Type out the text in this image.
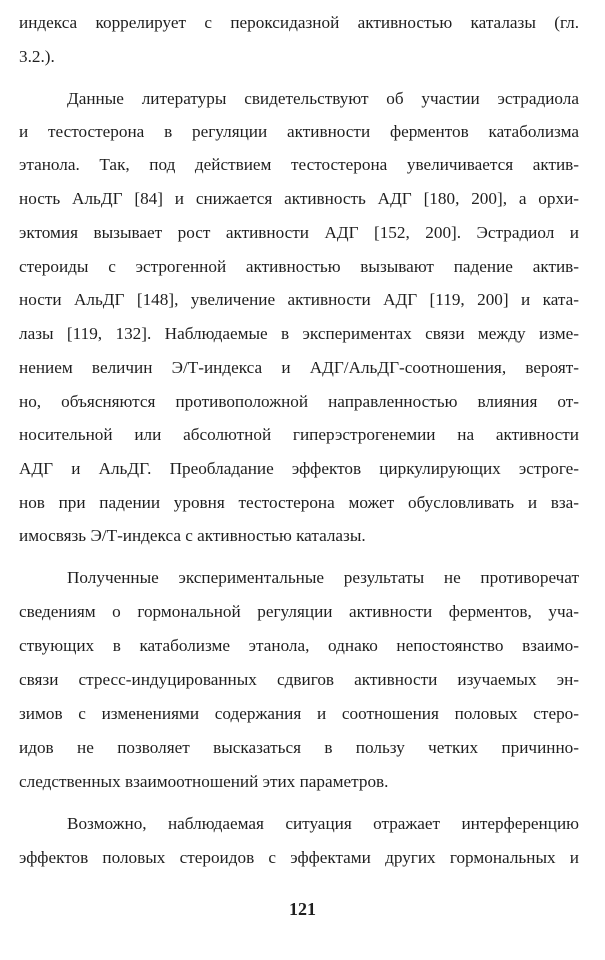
индекса коррелирует с пероксидазной активностью каталазы (гл.
3.2.).
Данные литературы свидетельствуют об участии эстрадиола
и тестостерона в регуляции активности ферментов катаболизма
этанола. Так, под действием тестостерона увеличивается актив-
ность АльДГ [84] и снижается активность АДГ [180, 200], а орхи-
эктомия вызывает рост активности АДГ [152, 200]. Эстрадиол и
стероиды с эстрогенной активностью вызывают падение актив-
ности АльДГ [148], увеличение активности АДГ [119, 200] и ката-
лазы [119, 132]. Наблюдаемые в экспериментах связи между изме-
нением величин Э/Т-индекса и АДГ/АльДГ-соотношения, вероят-
но, объясняются противоположной направленностью влияния от-
носительной или абсолютной гиперэстрогенемии на активности
АДГ и АльДГ. Преобладание эффектов циркулирующих эстроге-
нов при падении уровня тестостерона может обусловливать и вза-
имосвязь Э/Т-индекса с активностью каталазы.
Полученные экспериментальные результаты не противоречат
сведениям о гормональной регуляции активности ферментов, уча-
ствующих в катаболизме этанола, однако непостоянство взаимо-
связи стресс-индуцированных сдвигов активности изучаемых эн-
зимов с изменениями содержания и соотношения половых стеро-
идов не позволяет высказаться в пользу четких причинно-
следственных взаимоотношений этих параметров.
Возможно, наблюдаемая ситуация отражает интерференцию
эффектов половых стероидов с эффектами других гормональных и
121
